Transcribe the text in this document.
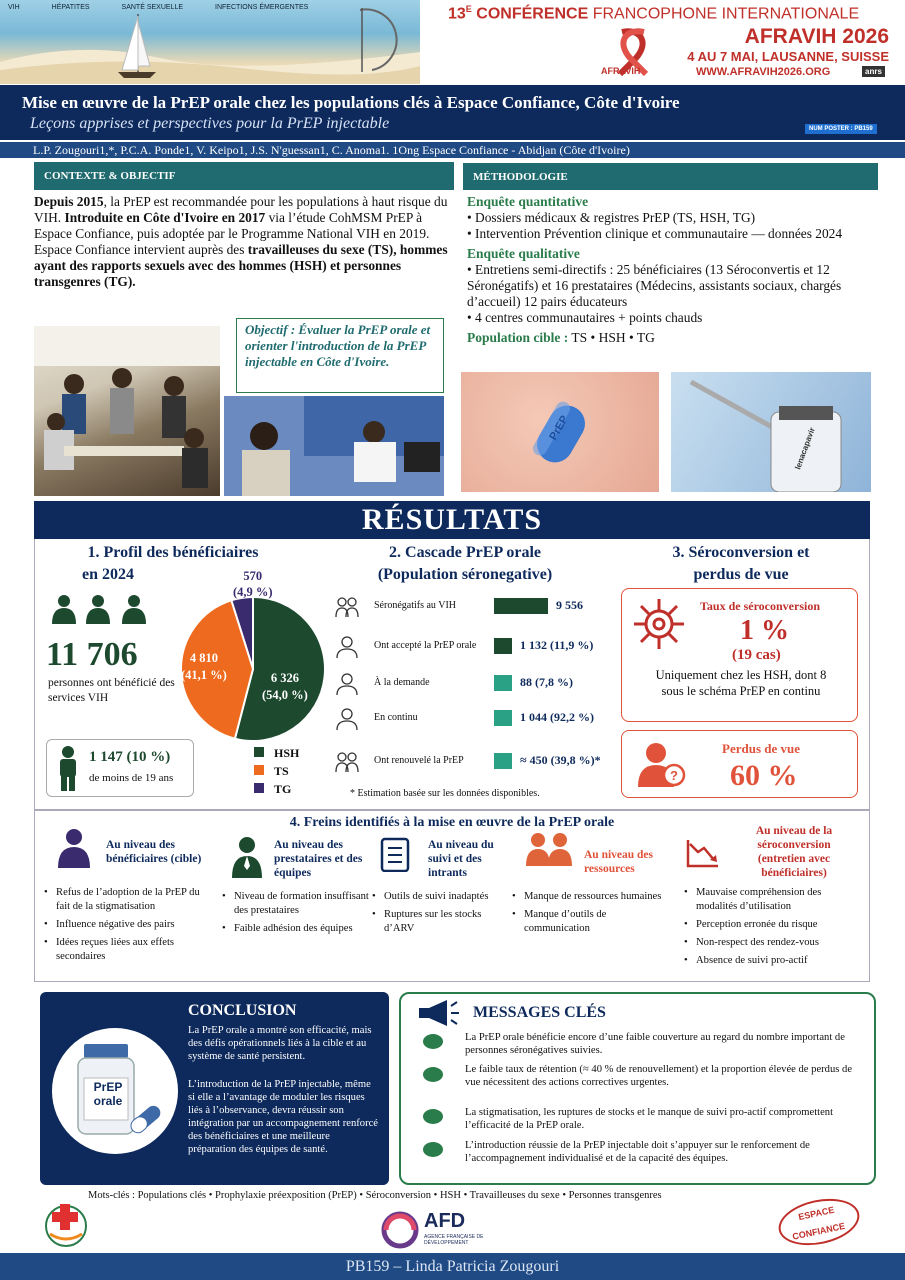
VIH	HÉPATITES	SANTÉ SEXUELLE	INFECTIONS ÉMERGENTES	$13^E$ CONFÉRENCE FRANCOPHONE INTERNATIONALE
AFRAVIH
AFRAVIH 2026
4 AU 7 MAI, LAUSANNE, SUISSE
WWW.AFRAVIH2026.ORG	anrs
Mise en œuvre de la PrEP orale chez les populations clés à Espace Confiance, Côte d'Ivoire
Leçons apprises et perspectives pour la PrEP injectable	NUM POSTER : PB159
L.P. Zougouri1,*, P.C.A. Ponde1, V. Keipo1, J.S. N'guessan1, C. Anoma1. 1Ong Espace Confiance - Abidjan (Côte d'Ivoire)
CONTEXTE & OBJECTIF
Depuis 2015, la PrEP est recommandée pour les populations à haut risque du VIH. Introduite en Côte d'Ivoire en 2017 via l’étude CohMSM PrEP à Espace Confiance, puis adoptée par le Programme National VIH en 2019.
Espace Confiance intervient auprès des travailleuses du sexe (TS), hommes ayant des rapports sexuels avec des hommes (HSH) et personnes transgenres (TG).
Objectif : Évaluer la PrEP orale et orienter l'introduction de la PrEP injectable en Côte d'Ivoire.
MÉTHODOLOGIE
Enquête quantitative
• Dossiers médicaux & registres PrEP (TS, HSH, TG)
• Intervention Prévention clinique et communautaire — données 2024
Enquête qualitative
• Entretiens semi-directifs : 25 bénéficiaires (13 Séroconvertis et 12 Séronégatifs) et 16 prestataires (Médecins, assistants sociaux, chargés d’accueil) 12 pairs éducateurs
• 4 centres communautaires + points chauds
Population cible : TS • HSH • TG
PrEP	lenacapavir
RÉSULTATS
1. Profil des bénéficiaires
en 2024
11 706
personnes ont bénéficié des services VIH
1 147 (10 %)
de moins de 19 ans
6 326
(54,0 %)
4 810
(41,1 %)
570
(4,9 %)
HSH
TS
TG
2. Cascade PrEP orale
(Population séronegative)
Séronégatifs au VIH	9 556
Ont accepté la PrEP orale	1 132 (11,9 %)
À la demande	88 (7,8 %)
En continu	1 044 (92,2 %)
Ont renouvelé la PrEP	≈ 450 (39,8 %)*
* Estimation basée sur les données disponibles.
3. Séroconversion et
perdus de vue
Taux de séroconversion
1 %
(19 cas)
Uniquement chez les HSH, dont 8 sous le schéma PrEP en continu
?
Perdus de vue
60 %
4. Freins identifiés à la mise en œuvre de la PrEP orale
Au niveau des bénéficiaires (cible)
• Refus de l’adoption de la PrEP du fait de la stigmatisation
• Influence négative des pairs
• Idées reçues liées aux effets secondaires
Au niveau des prestataires et des équipes
• Niveau de formation insuffisant des prestataires
• Faible adhésion des équipes
Au niveau du suivi et des intrants
• Outils de suivi inadaptés
• Ruptures sur les stocks d’ARV
Au niveau des ressources
• Manque de ressources humaines
• Manque d’outils de communication
Au niveau de la séroconversion (entretien avec bénéficiaires)
• Mauvaise compréhension des modalités d’utilisation
• Perception erronée du risque
• Non-respect des rendez-vous
• Absence de suivi pro-actif
PrEP
orale
CONCLUSION
La PrEP orale a montré son efficacité, mais des défis opérationnels liés à la cible et au système de santé persistent.
L’introduction de la PrEP injectable, même si elle a l’avantage de moduler les risques liés à l’observance, devra réussir son intégration par un accompagnement renforcé des bénéficiaires et une meilleure préparation des équipes de santé.
MESSAGES CLÉS
La PrEP orale bénéficie encore d’une faible couverture au regard du nombre important de personnes séronégatives suivies.
Le faible taux de rétention (≈ 40 % de renouvellement) et la proportion élevée de perdus de vue nécessitent des actions correctives urgentes.
La stigmatisation, les ruptures de stocks et le manque de suivi pro-actif compromettent l’efficacité de la PrEP orale.
L’introduction réussie de la PrEP injectable doit s’appuyer sur le renforcement de l’accompagnement individualisé et de la capacité des équipes.
Mots-clés : Populations clés • Prophylaxie préexposition (PrEP) • Séroconversion • HSH • Travailleuses du sexe • Personnes transgenres
AFD
AGENCE FRANÇAISE DE DÉVELOPPEMENT
ESPACE
CONFIANCE
PB159 – Linda Patricia Zougouri
